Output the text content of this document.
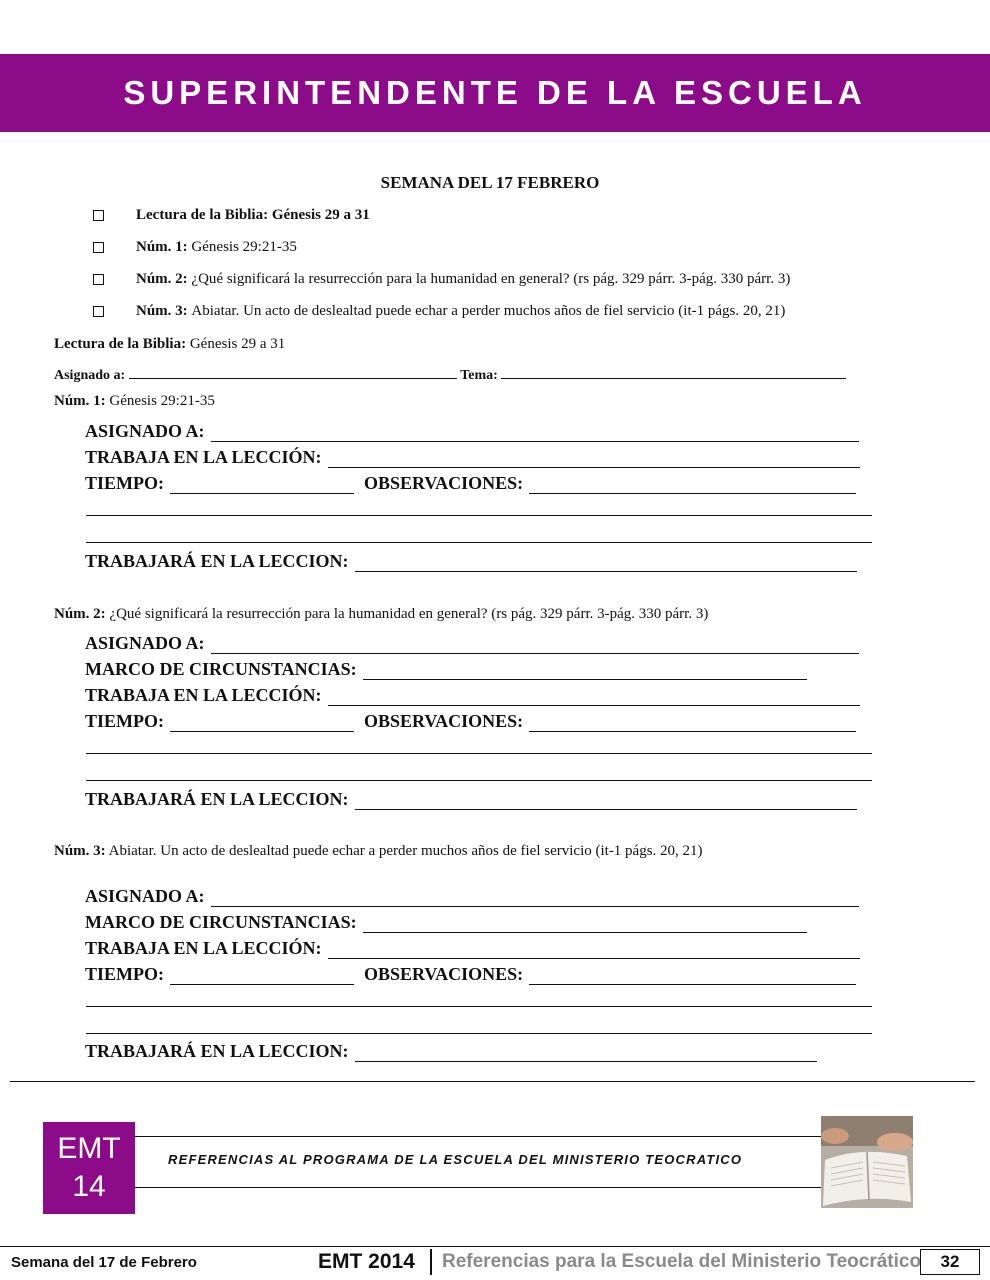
SUPERINTENDENTE DE LA ESCUELA
SEMANA DEL 17 FEBRERO
Lectura de la Biblia: Génesis 29 a 31
Núm. 1:
Génesis 29:21-35
Núm. 2:
¿Qué significará la resurrección para la humanidad en general? (rs pág. 329 párr. 3-pág. 330 párr. 3)
Núm. 3:
Abiatar. Un acto de deslealtad puede echar a perder muchos años de fiel servicio (it-1 págs. 20, 21)
Lectura de la Biblia: Génesis 29 a 31
Asignado a:	Tema:
Núm. 1: Génesis 29:21-35
ASIGNADO A:
TRABAJA EN LA LECCIÓN:
TIEMPO:	OBSERVACIONES:
TRABAJARÁ EN LA LECCION:
Núm. 2: ¿Qué significará la resurrección para la humanidad en general? (rs pág. 329 párr. 3-pág. 330 párr. 3)
ASIGNADO A:
MARCO DE CIRCUNSTANCIAS:
TRABAJA EN LA LECCIÓN:
TIEMPO:	OBSERVACIONES:
TRABAJARÁ EN LA LECCION:
Núm. 3: Abiatar. Un acto de deslealtad puede echar a perder muchos años de fiel servicio (it-1 págs. 20, 21)
ASIGNADO A:
MARCO DE CIRCUNSTANCIAS:
TRABAJA EN LA LECCIÓN:
TIEMPO:	OBSERVACIONES:
TRABAJARÁ EN LA LECCION:
EMT
14
REFERENCIAS AL PROGRAMA DE LA ESCUELA DEL MINISTERIO TEOCRATICO
Semana del 17 de Febrero	EMT 2014 Referencias para la Escuela del Ministerio Teocrático	32
